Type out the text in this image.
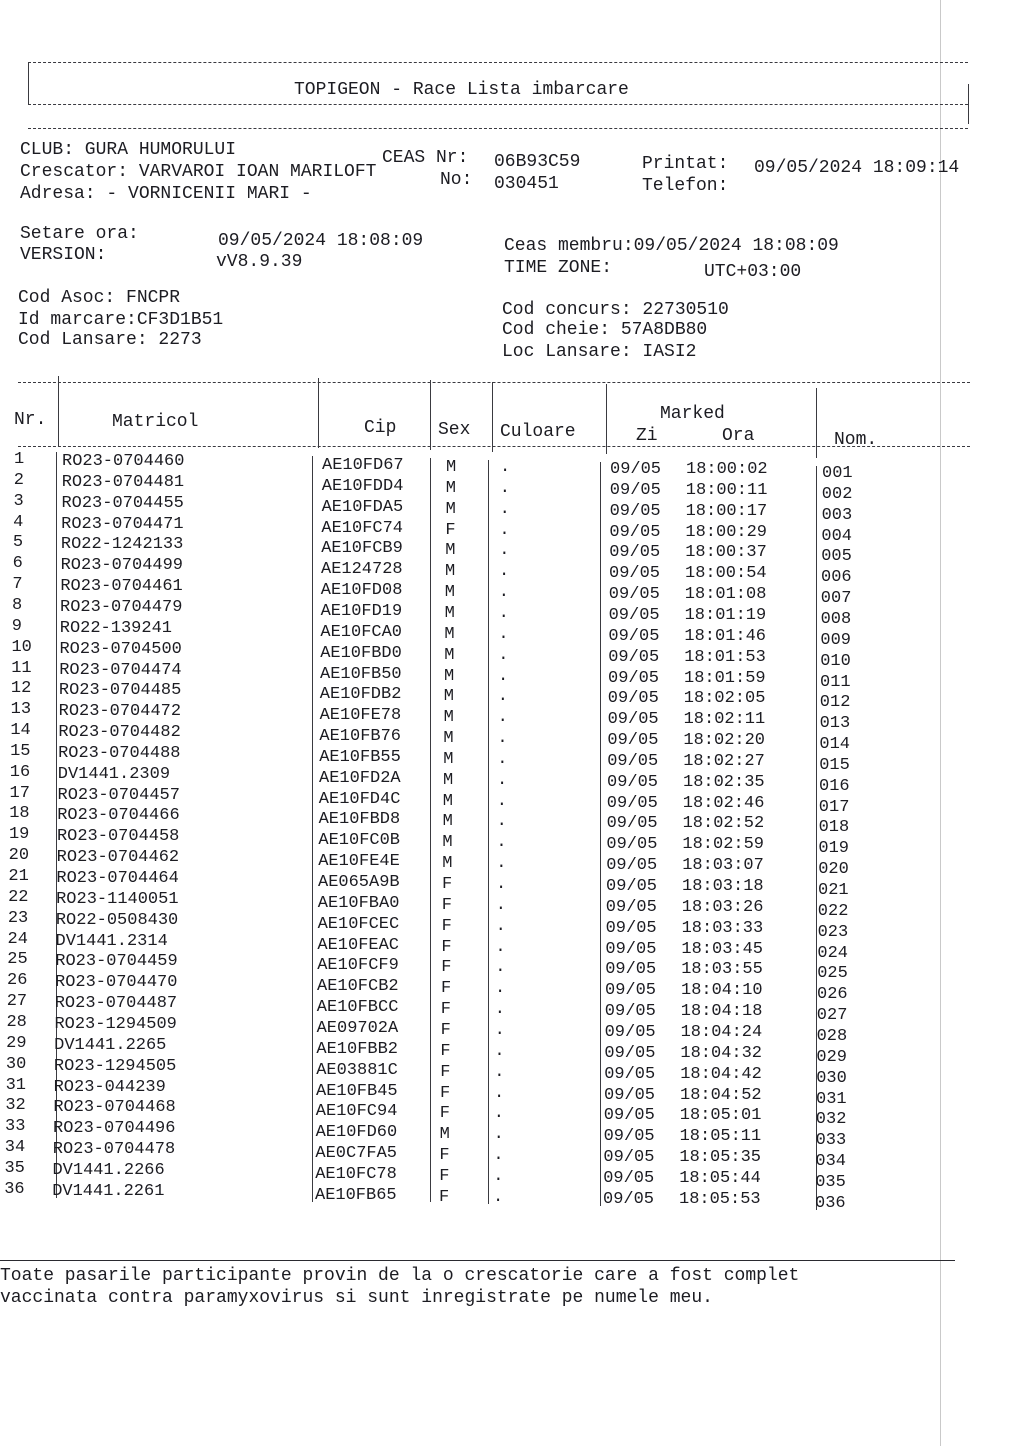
TOPIGEON - Race Lista imbarcare
CLUB: GURA HUMORULUI	CEAS Nr: 06B93C59	Printat: 09/05/2024 18:09:14
Crescator: VARVAROI IOAN MARILOFT	No: 030451	Telefon:
Adresa: - VORNICENII MARI -
Setare ora:	09/05/2024 18:08:09
VERSION:	vV8.9.39
Ceas membru:09/05/2024 18:08:09
TIME ZONE:	UTC+03:00
Cod Asoc: FNCPR
Id marcare:CF3D1B51
Cod Lansare: 2273
Cod concurs: 22730510
Cod cheie: 57A8DB80
Loc Lansare: IASI2
Nr.	Matricol	Cip Sex Culoare
Marked
Zi	Ora	Nom.
1 RO23-0704460	AE10FD67 M	.	09/05 18:00:02	001
2 RO23-0704481	AE10FDD4 M	.	09/05 18:00:11	002
3 RO23-0704455	AE10FDA5 M	.	09/05 18:00:17	003
4 RO23-0704471	AE10FC74 F	.	09/05 18:00:29	004
5 RO22-1242133	AE10FCB9 M	.	09/05 18:00:37	005
6 RO23-0704499	AE124728 M	.	09/05 18:00:54	006
7 RO23-0704461	AE10FD08 M	.	09/05 18:01:08	007
8 RO23-0704479	AE10FD19 M	.	09/05 18:01:19	008
9 RO22-139241	AE10FCA0 M	.	09/05 18:01:46	009
10 RO23-0704500	AE10FBD0 M	.	09/05 18:01:53	010
11 RO23-0704474	AE10FB50 M	.	09/05 18:01:59	011
12 RO23-0704485	AE10FDB2 M	.	09/05 18:02:05	012
13 RO23-0704472	AE10FE78 M	.	09/05 18:02:11	013
14 RO23-0704482	AE10FB76 M	.	09/05 18:02:20	014
15 RO23-0704488	AE10FB55 M	.	09/05 18:02:27	015
16 DV1441.2309	AE10FD2A M	.	09/05 18:02:35	016
17 RO23-0704457	AE10FD4C M	.	09/05 18:02:46	017
18 RO23-0704466	AE10FBD8 M	.	09/05 18:02:52	018
19 RO23-0704458	AE10FC0B M	.	09/05 18:02:59	019
20 RO23-0704462	AE10FE4E M	.	09/05 18:03:07	020
21 RO23-0704464	AE065A9B F	.	09/05 18:03:18	021
22 RO23-1140051	AE10FBA0 F	.	09/05 18:03:26	022
23 RO22-0508430	AE10FCEC F	.	09/05 18:03:33	023
24 DV1441.2314	AE10FEAC F	.	09/05 18:03:45	024
25 RO23-0704459	AE10FCF9 F	.	09/05 18:03:55	025
26 RO23-0704470	AE10FCB2 F	.	09/05 18:04:10	026
27 RO23-0704487	AE10FBCC F	.	09/05 18:04:18	027
28 RO23-1294509	AE09702A F	.	09/05 18:04:24	028
29 DV1441.2265	AE10FBB2 F	.	09/05 18:04:32	029
30 RO23-1294505	AE03881C F	.	09/05 18:04:42	030
31 RO23-044239	AE10FB45 F	.	09/05 18:04:52	031
32 RO23-0704468	AE10FC94 F	.	09/05 18:05:01	032
33 RO23-0704496	AE10FD60 M	.	09/05 18:05:11	033
34 RO23-0704478	AE0C7FA5 F	.	09/05 18:05:35	034
35 DV1441.2266	AE10FC78 F	.	09/05 18:05:44	035
36 DV1441.2261	AE10FB65 F	.	09/05 18:05:53	036
Toate pasarile participante provin de la o crescatorie care a fost complet
vaccinata contra paramyxovirus si sunt inregistrate pe numele meu.
